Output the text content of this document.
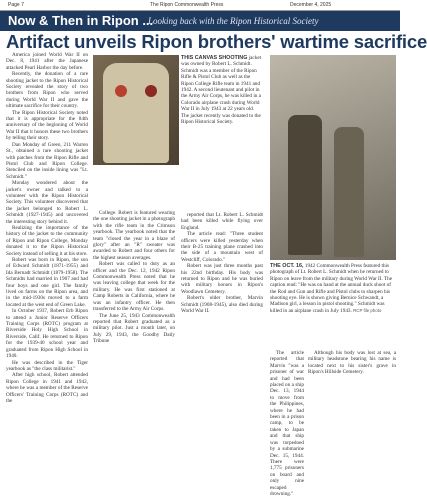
Page 7	The Ripon Commonwealth Press	December 4, 2025
Now & Then in Ripon ...
Looking back with the Ripon Historical Society
Artifact unveils Ripon brothers' wartime sacrifice

America joined World War II on Dec. 8, 1941 after the Japanese attacked Pearl Harbor the day before.

Recently, the donation of a rare shooting jacket to the Ripon Historical Society revealed the story of two brothers from Ripon who served during World War II and gave the ultimate sacrifice for their country.

The Ripon Historical Society noted that it is appropriate for the 84th anniversary of the beginning of World War II that it honors these two brothers by telling their story.

Dan Monday of Green, 211 Warren St., obtained a rare shooting jacket with patches from the Ripon Rifle and Pistol Club and Ripon College. Stenciled on the inside lining was "Lt. Schmidt."

Monday wondered about the jacket's owner and talked to a volunteer with the Ripon Historical Society. This volunteer discovered that the jacket belonged to Robert L. Schmidt (1927-1945) and uncovered the interesting story behind it.

Realizing the importance of the history of the jacket to the community of Ripon and Ripon College, Monday donated it to the Ripon Historical Society instead of selling it at his store.

Robert was born in Ripon, the son of Edward Schmidt (1871-1955) and Ida Bernadt Schmidt (1879-1958). The Schmidts had married in 1907 and had four boys and one girl. The family lived on farms on the Ripon area, and in the mid-1930s moved to a farm located at the west end of Green Lake.

In October 1937, Robert Erb Ripon to attend a Junior Reserve Officers Training Corps (ROTC) program at Riverside Holy High School in Riverside, Calif. He returned to Ripon for the 1939-40 school year and graduated from Ripon High School in 1940.

He was described in the Tiger yearbook as "the class militarist."

After high school, Robert attended Ripon College in 1941 and 1942, where he was a member of the Reserve Officers' Training Corps (ROTC) and the

THIS CANVAS SHOOTING jacket was owned by Robert L. Schmidt. Schmidt was a member of the Ripon Rifle & Pistol Club as well as the Ripon College Rifle team in 1941 and 1942. A second lieutenant and pilot in the Army Air Corps, he was killed in a Colorado airplane crash during World War II in July 1943 at 22 years old. The jacket recently was donated to the Ripon Historical Society.

College. Robert is featured wearing the one shooting jacket in a photograph with the rifle team in the Crimson yearbook. The yearbook noted that the team "closed the year in a blaze of glory" after an "R" sweater was awarded to Robert and four others for the highest season averages.

Robert was called to duty as an officer and the Dec. 12, 1942 Ripon Commonwealth Press noted that he was leaving college that week for the military. He was first stationed at Camp Roberts in California, where he was an infantry officer. He then transferred to the Army Air Corps.

The June 25, 1943 Commonwealth reported that Robert graduated as a military pilot. Just a month later, on July 29, 1943, the Goodby Daily Tribune

reported that Lt. Robert L. Schmidt had been killed while flying over England.

The article read: "Three student officers were killed yesterday when their B-25 training plane crashed into the side of a mountain west of Westcliff, Colorado."

Robert was just three months past his 22nd birthday. His body was returned to Ripon and he was buried with military honors in Ripon's Woodlawn Cemetery.

Robert's older brother, Marvin Schmidt (1908-1945), also died during World War II.

THE OCT. 16, 1942 Commonwealth Press featured this photograph of Lt. Robert L. Schmidt when he returned to Ripon on leave from the military during World War II. The caption read: "He was on hand at the annual duck shoot of the Rod and Gun and Rifle and Pistol clubs to sharpen his shooting eye. He is shown giving Bernice Schwandt, a Madison girl, a lesson in pistol shooting." Schmidt was killed in an airplane crash in July 1943. RCP file photo

The article reported that Marvin "was a prisoner of war and had been placed on a ship Dec. 13, 1944 to move from the Philippines, where he had been in a prison camp, to be taken to Japan and that ship was torpedoed by a submarine Dec. 15, 1944. There were 1,775 prisoners on board and only nine escaped drowning."

Although his body was lost at sea, a military headstone bearing his name is located next to his sister's grave in Ripon's Hillside Cemetery.
